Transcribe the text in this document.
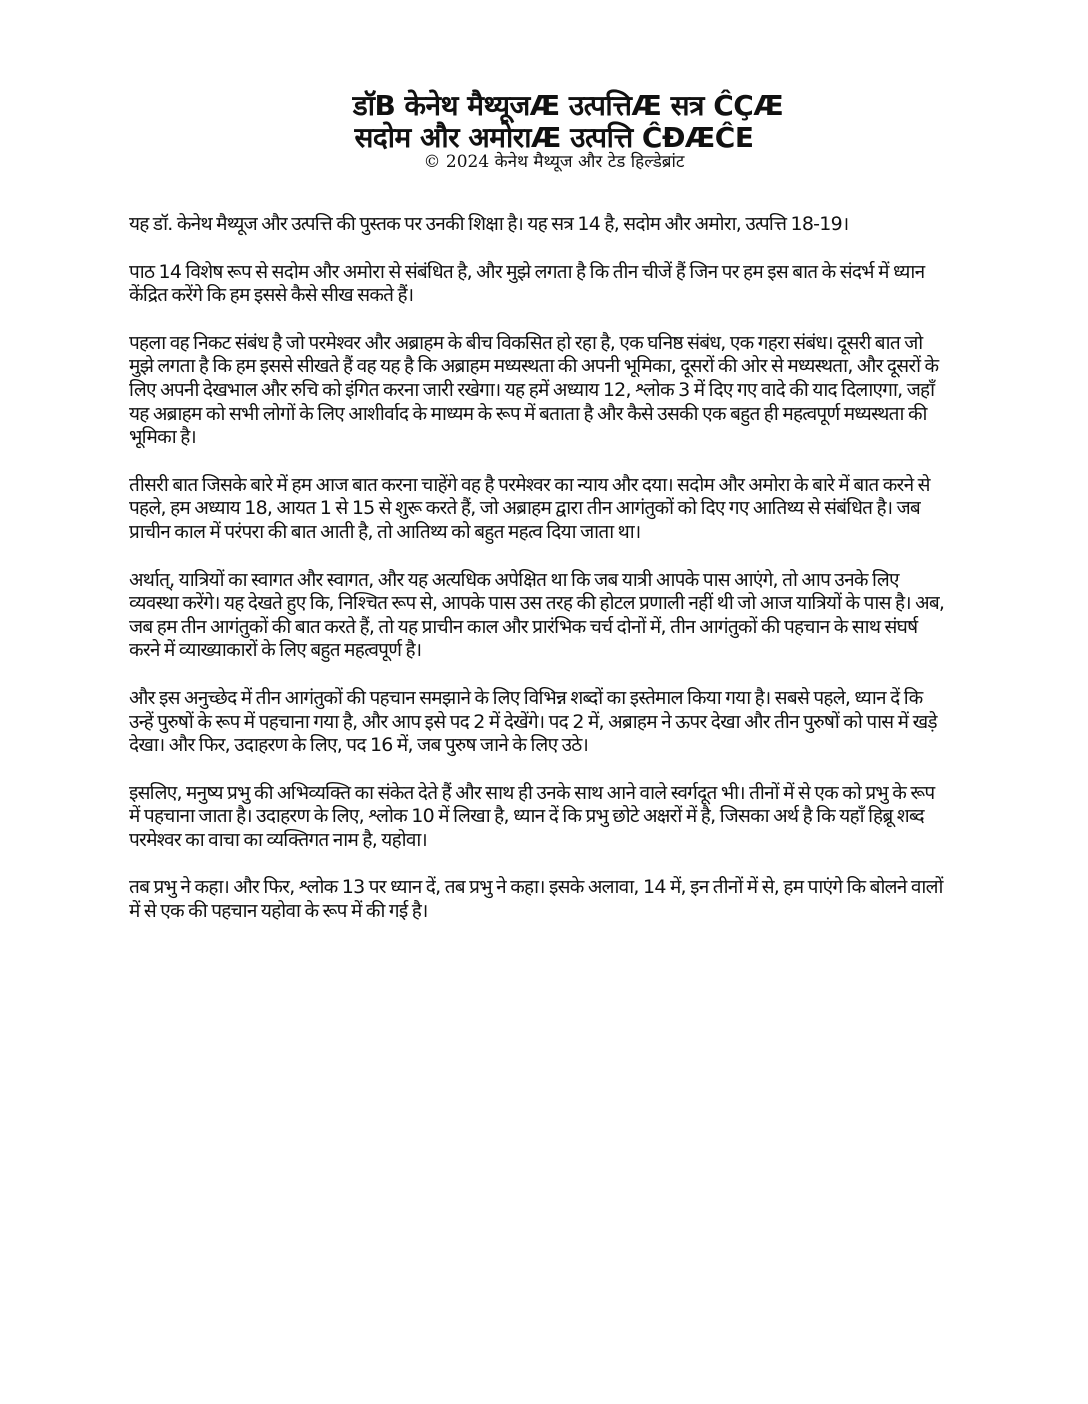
डॉB केनेथ मैथ्यूजÆ उत्पत्तिÆ सत्र ĈÇÆ

सदोम और अमोराÆ उत्पत्ति ĈĐÆĈE

© 2024 केनेथ मैथ्यूज और टेड हिल्डेब्रांट

यह डॉ. केनेथ मैथ्यूज और उत्पत्ति की पुस्तक पर उनकी शिक्षा है। यह सत्र 14 है, सदोम और अमोरा, उत्पत्ति 18-19।

पाठ 14 विशेष रूप से सदोम और अमोरा से संबंधित है, और मुझे लगता है कि तीन चीजें हैं जिन पर हम इस बात के संदर्भ में ध्यान केंद्रित करेंगे कि हम इससे कैसे सीख सकते हैं।

पहला वह निकट संबंध है जो परमेश्वर और अब्राहम के बीच विकसित हो रहा है, एक घनिष्ठ संबंध, एक गहरा संबंध। दूसरी बात जो मुझे लगता है कि हम इससे सीखते हैं वह यह है कि अब्राहम मध्यस्थता की अपनी भूमिका, दूसरों की ओर से मध्यस्थता, और दूसरों के लिए अपनी देखभाल और रुचि को इंगित करना जारी रखेगा। यह हमें अध्याय 12, श्लोक 3 में दिए गए वादे की याद दिलाएगा, जहाँ यह अब्राहम को सभी लोगों के लिए आशीर्वाद के माध्यम के रूप में बताता है और कैसे उसकी एक बहुत ही महत्वपूर्ण मध्यस्थता की भूमिका है।

तीसरी बात जिसके बारे में हम आज बात करना चाहेंगे वह है परमेश्वर का न्याय और दया। सदोम और अमोरा के बारे में बात करने से पहले, हम अध्याय 18, आयत 1 से 15 से शुरू करते हैं, जो अब्राहम द्वारा तीन आगंतुकों को दिए गए आतिथ्य से संबंधित है। जब प्राचीन काल में परंपरा की बात आती है, तो आतिथ्य को बहुत महत्व दिया जाता था।

अर्थात्, यात्रियों का स्वागत और स्वागत, और यह अत्यधिक अपेक्षित था कि जब यात्री आपके पास आएंगे, तो आप उनके लिए व्यवस्था करेंगे। यह देखते हुए कि, निश्चित रूप से, आपके पास उस तरह की होटल प्रणाली नहीं थी जो आज यात्रियों के पास है। अब, जब हम तीन आगंतुकों की बात करते हैं, तो यह प्राचीन काल और प्रारंभिक चर्च दोनों में, तीन आगंतुकों की पहचान के साथ संघर्ष करने में व्याख्याकारों के लिए बहुत महत्वपूर्ण है।

और इस अनुच्छेद में तीन आगंतुकों की पहचान समझाने के लिए विभिन्न शब्दों का इस्तेमाल किया गया है। सबसे पहले, ध्यान दें कि उन्हें पुरुषों के रूप में पहचाना गया है, और आप इसे पद 2 में देखेंगे। पद 2 में, अब्राहम ने ऊपर देखा और तीन पुरुषों को पास में खड़े देखा। और फिर, उदाहरण के लिए, पद 16 में, जब पुरुष जाने के लिए उठे।

इसलिए, मनुष्य प्रभु की अभिव्यक्ति का संकेत देते हैं और साथ ही उनके साथ आने वाले स्वर्गदूत भी। तीनों में से एक को प्रभु के रूप में पहचाना जाता है। उदाहरण के लिए, श्लोक 10 में लिखा है, ध्यान दें कि प्रभु छोटे अक्षरों में है, जिसका अर्थ है कि यहाँ हिब्रू शब्द परमेश्वर का वाचा का व्यक्तिगत नाम है, यहोवा।

तब प्रभु ने कहा। और फिर, श्लोक 13 पर ध्यान दें, तब प्रभु ने कहा। इसके अलावा, 14 में, इन तीनों में से, हम पाएंगे कि बोलने वालों में से एक की पहचान यहोवा के रूप में की गई है।
